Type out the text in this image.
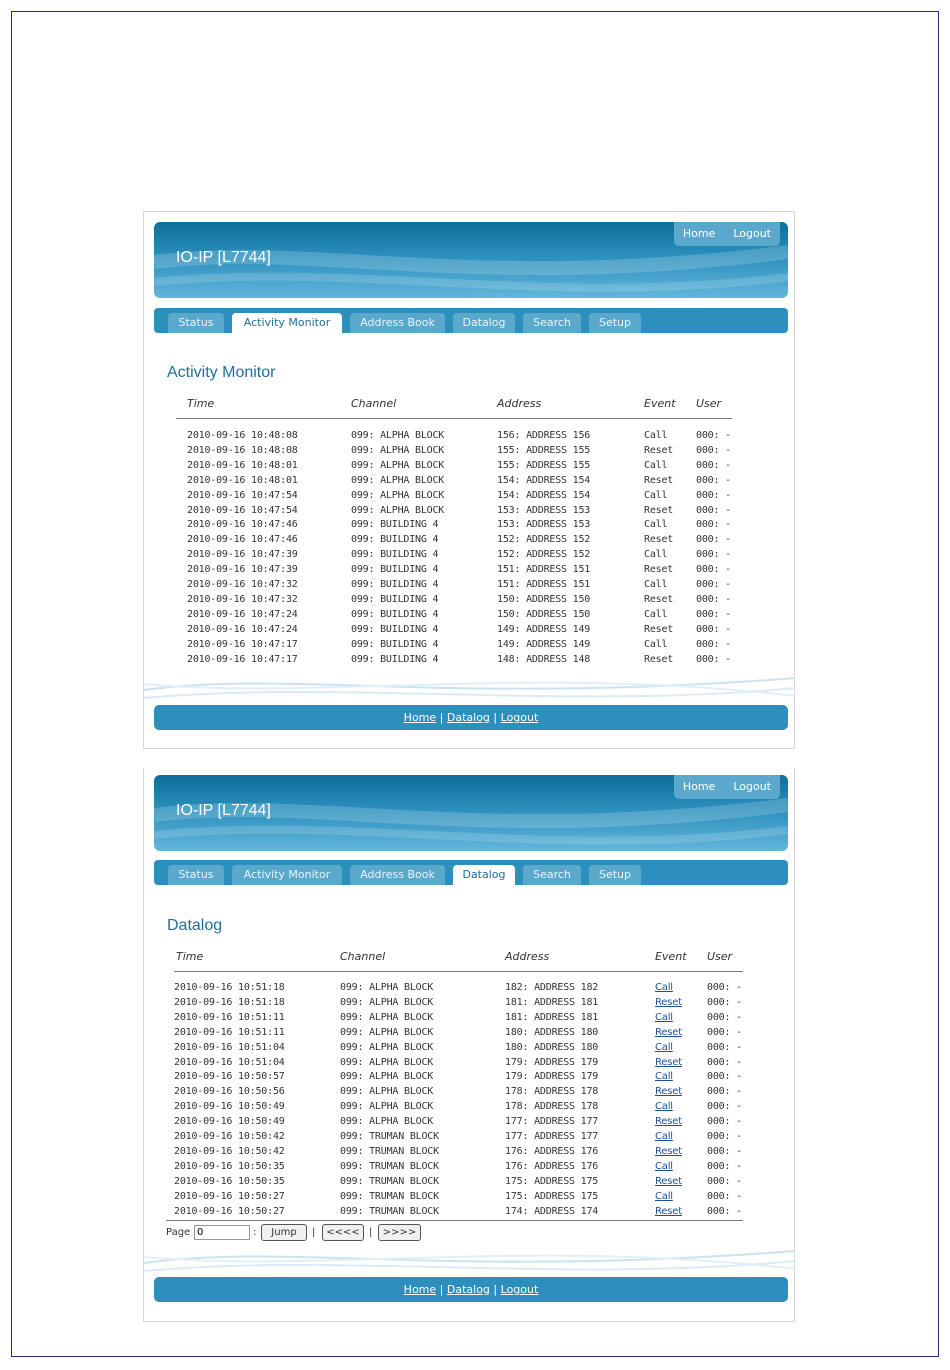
IO-IP [L7744]
Home	Logout
Status	Activity Monitor	Address Book	Datalog	Search	Setup
Activity Monitor
Time	Channel	Address	Event User
2010-09-16 10:48:08	099: ALPHA BLOCK	156: ADDRESS 156	Call	000: -
2010-09-16 10:48:08	099: ALPHA BLOCK	155: ADDRESS 155	Reset 000: -
2010-09-16 10:48:01	099: ALPHA BLOCK	155: ADDRESS 155	Call	000: -
2010-09-16 10:48:01	099: ALPHA BLOCK	154: ADDRESS 154	Reset 000: -
2010-09-16 10:47:54	099: ALPHA BLOCK	154: ADDRESS 154	Call	000: -
2010-09-16 10:47:54	099: ALPHA BLOCK	153: ADDRESS 153	Reset 000: -
2010-09-16 10:47:46	099: BUILDING 4	153: ADDRESS 153	Call	000: -
2010-09-16 10:47:46	099: BUILDING 4	152: ADDRESS 152	Reset 000: -
2010-09-16 10:47:39	099: BUILDING 4	152: ADDRESS 152	Call	000: -
2010-09-16 10:47:39	099: BUILDING 4	151: ADDRESS 151	Reset 000: -
2010-09-16 10:47:32	099: BUILDING 4	151: ADDRESS 151	Call	000: -
2010-09-16 10:47:32	099: BUILDING 4	150: ADDRESS 150	Reset 000: -
2010-09-16 10:47:24	099: BUILDING 4	150: ADDRESS 150	Call	000: -
2010-09-16 10:47:24	099: BUILDING 4	149: ADDRESS 149	Reset 000: -
2010-09-16 10:47:17	099: BUILDING 4	149: ADDRESS 149	Call	000: -
2010-09-16 10:47:17	099: BUILDING 4	148: ADDRESS 148	Reset 000: -
Home | Datalog | Logout
IO-IP [L7744]
Home	Logout
Status	Activity Monitor	Address Book	Datalog	Search	Setup
Datalog
Time	Channel	Address	Event User
2010-09-16 10:51:18	099: ALPHA BLOCK	182: ADDRESS 182	Call	000: -
2010-09-16 10:51:18	099: ALPHA BLOCK	181: ADDRESS 181	Reset	000: -
2010-09-16 10:51:11	099: ALPHA BLOCK	181: ADDRESS 181	Call	000: -
2010-09-16 10:51:11	099: ALPHA BLOCK	180: ADDRESS 180	Reset	000: -
2010-09-16 10:51:04	099: ALPHA BLOCK	180: ADDRESS 180	Call	000: -
2010-09-16 10:51:04	099: ALPHA BLOCK	179: ADDRESS 179	Reset	000: -
2010-09-16 10:50:57	099: ALPHA BLOCK	179: ADDRESS 179	Call	000: -
2010-09-16 10:50:56	099: ALPHA BLOCK	178: ADDRESS 178	Reset	000: -
2010-09-16 10:50:49	099: ALPHA BLOCK	178: ADDRESS 178	Call	000: -
2010-09-16 10:50:49	099: ALPHA BLOCK	177: ADDRESS 177	Reset	000: -
2010-09-16 10:50:42	099: TRUMAN BLOCK	177: ADDRESS 177	Call	000: -
2010-09-16 10:50:42	099: TRUMAN BLOCK	176: ADDRESS 176	Reset	000: -
2010-09-16 10:50:35	099: TRUMAN BLOCK	176: ADDRESS 176	Call	000: -
2010-09-16 10:50:35	099: TRUMAN BLOCK	175: ADDRESS 175	Reset	000: -
2010-09-16 10:50:27	099: TRUMAN BLOCK	175: ADDRESS 175	Call	000: -
2010-09-16 10:50:27	099: TRUMAN BLOCK	174: ADDRESS 174	Reset	000: -
Page
0	:	Jump	|	<<<< |	>>>>
Home | Datalog | Logout
